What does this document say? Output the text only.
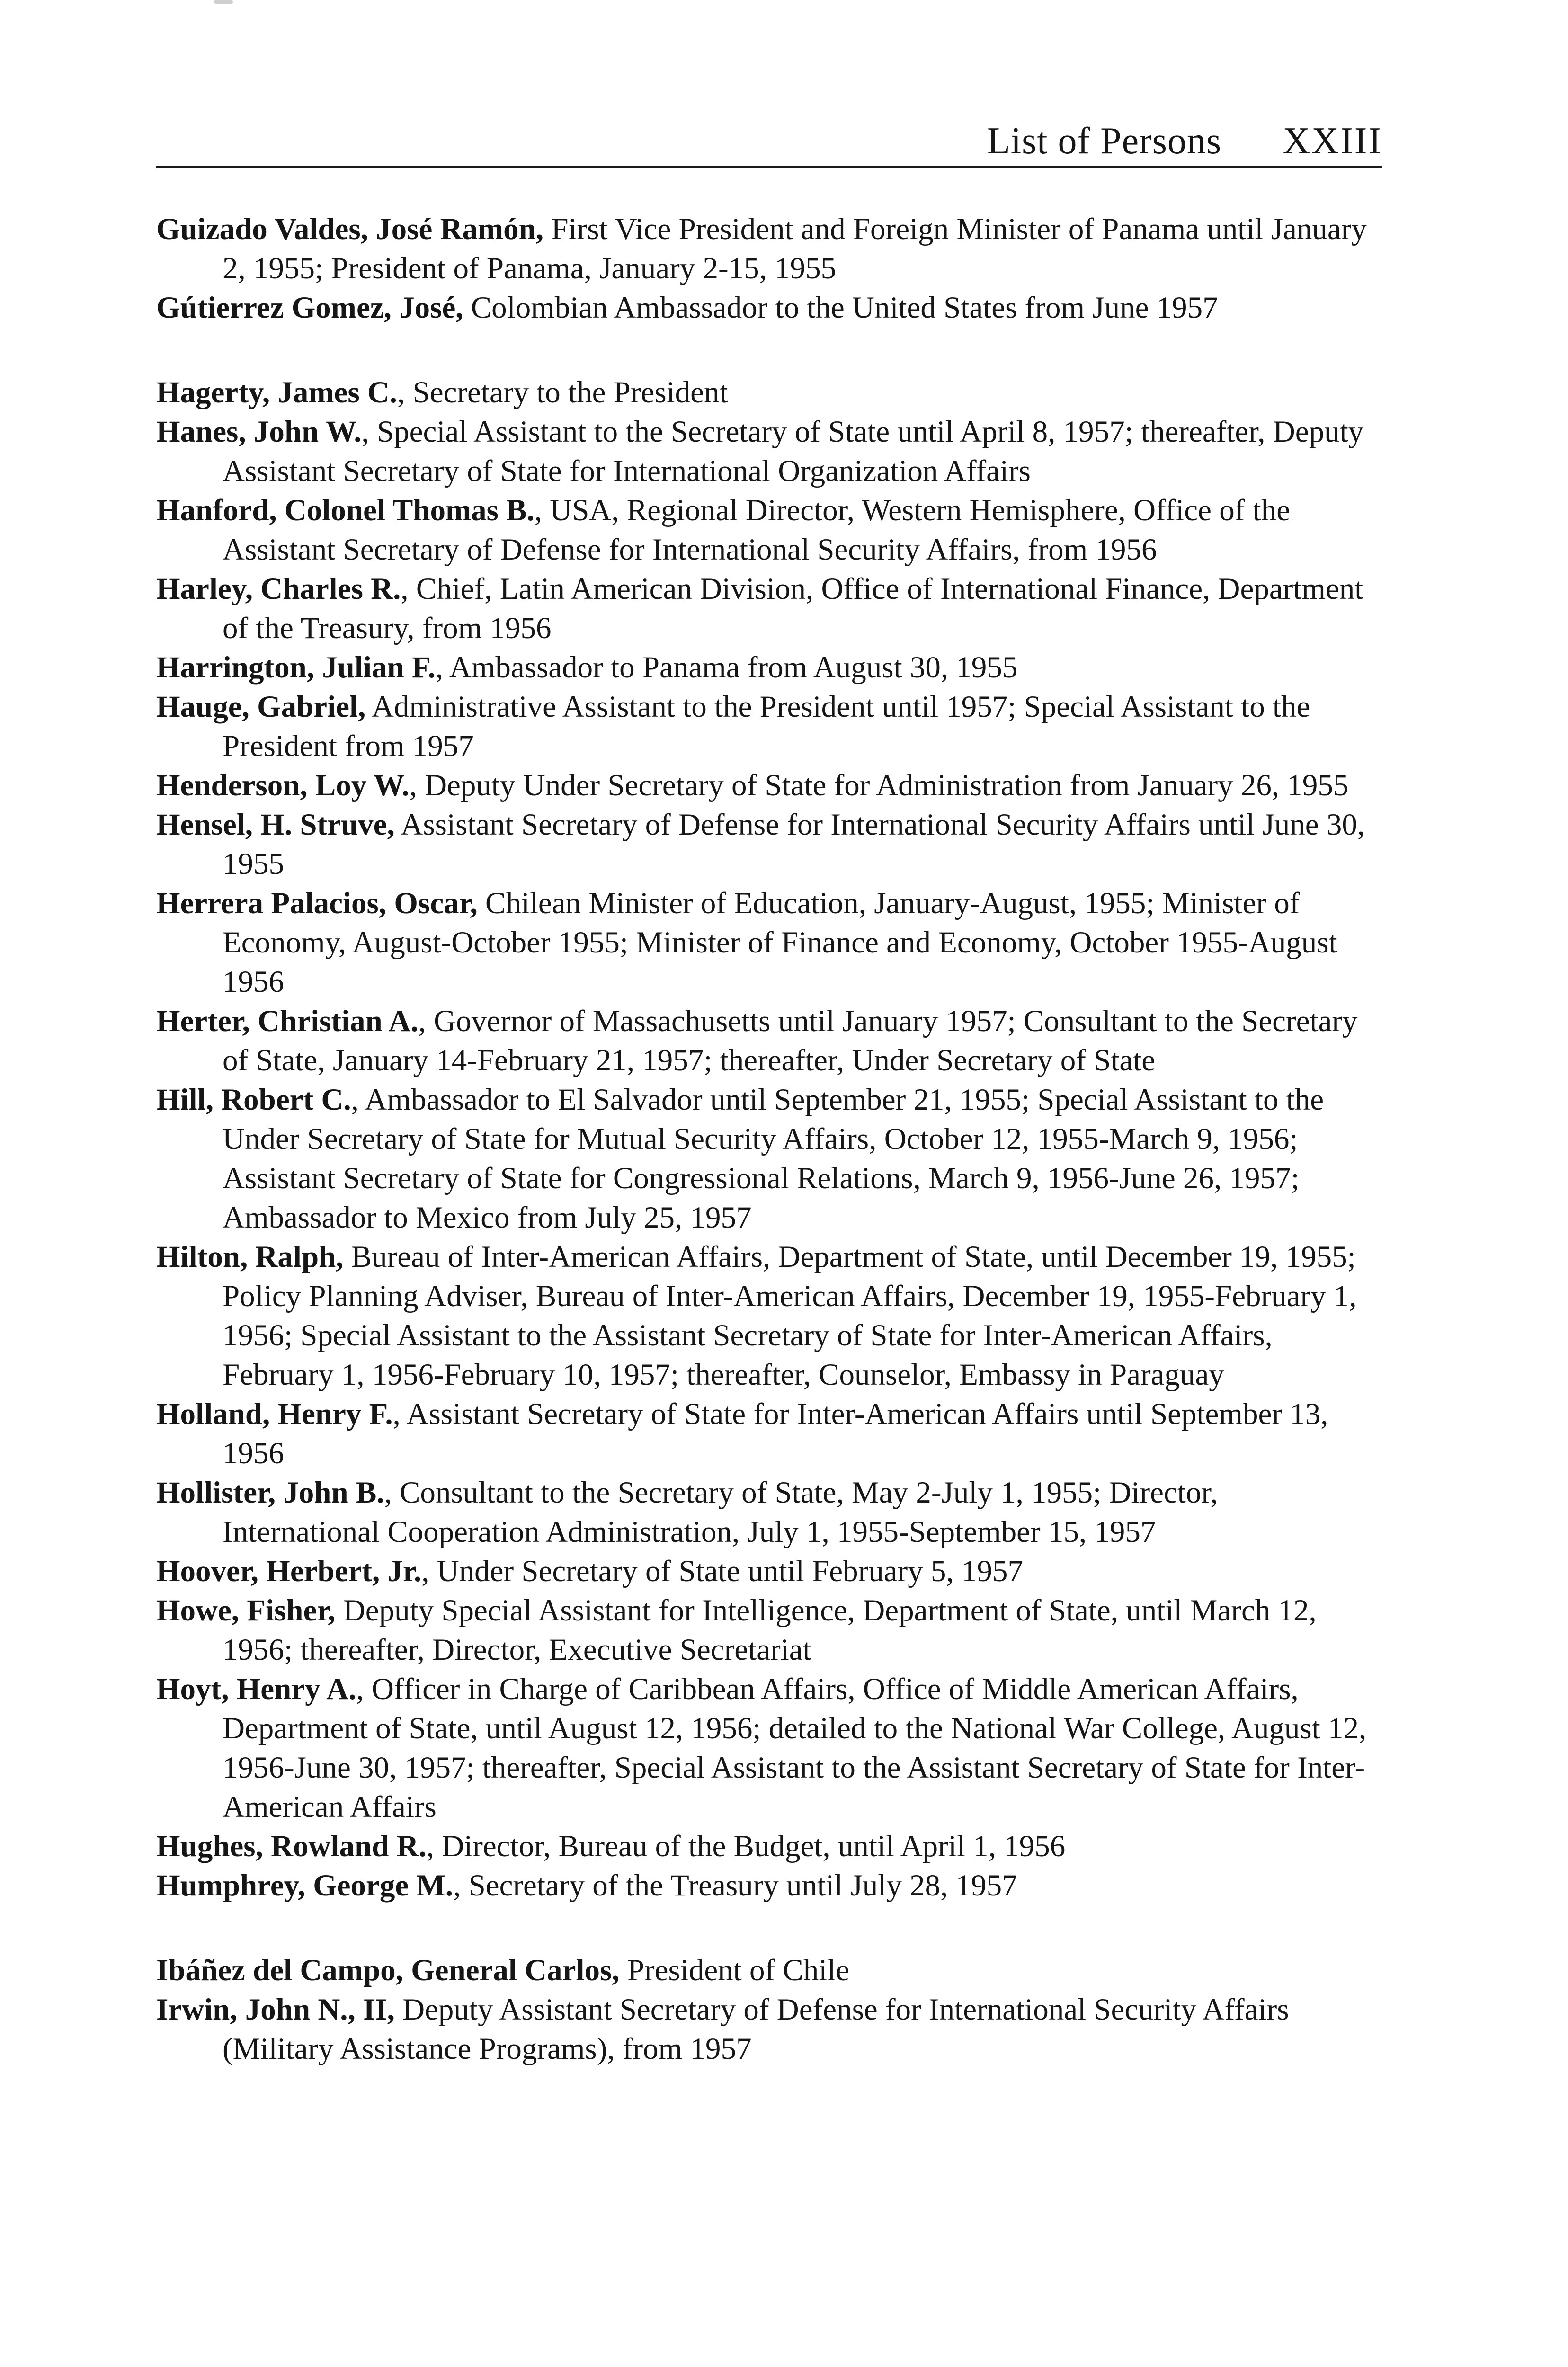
List of Persons XXIII

Guizado Valdes, José Ramón, First Vice President and Foreign Minister of Panama until January 2, 1955; President of Panama, January 2-15, 1955

Gútierrez Gomez, José, Colombian Ambassador to the United States from June 1957

Hagerty, James C., Secretary to the President

Hanes, John W., Special Assistant to the Secretary of State until April 8, 1957; thereafter, Deputy Assistant Secretary of State for International Organization Affairs

Hanford, Colonel Thomas B., USA, Regional Director, Western Hemisphere, Office of the Assistant Secretary of Defense for International Security Affairs, from 1956

Harley, Charles R., Chief, Latin American Division, Office of International Finance, Department of the Treasury, from 1956

Harrington, Julian F., Ambassador to Panama from August 30, 1955

Hauge, Gabriel, Administrative Assistant to the President until 1957; Special Assistant to the President from 1957

Henderson, Loy W., Deputy Under Secretary of State for Administration from January 26, 1955

Hensel, H. Struve, Assistant Secretary of Defense for International Security Affairs until June 30, 1955

Herrera Palacios, Oscar, Chilean Minister of Education, January-August, 1955; Minister of Economy, August-October 1955; Minister of Finance and Economy, October 1955-August 1956

Herter, Christian A., Governor of Massachusetts until January 1957; Consultant to the Secretary of State, January 14-February 21, 1957; thereafter, Under Secretary of State

Hill, Robert C., Ambassador to El Salvador until September 21, 1955; Special Assistant to the Under Secretary of State for Mutual Security Affairs, October 12, 1955-March 9, 1956; Assistant Secretary of State for Congressional Relations, March 9, 1956-June 26, 1957; Ambassador to Mexico from July 25, 1957

Hilton, Ralph, Bureau of Inter-American Affairs, Department of State, until December 19, 1955; Policy Planning Adviser, Bureau of Inter-American Affairs, December 19, 1955-February 1, 1956; Special Assistant to the Assistant Secretary of State for Inter-American Affairs, February 1, 1956-February 10, 1957; thereafter, Counselor, Embassy in Paraguay

Holland, Henry F., Assistant Secretary of State for Inter-American Affairs until September 13, 1956

Hollister, John B., Consultant to the Secretary of State, May 2-July 1, 1955; Director, International Cooperation Administration, July 1, 1955-September 15, 1957

Hoover, Herbert, Jr., Under Secretary of State until February 5, 1957

Howe, Fisher, Deputy Special Assistant for Intelligence, Department of State, until March 12, 1956; thereafter, Director, Executive Secretariat

Hoyt, Henry A., Officer in Charge of Caribbean Affairs, Office of Middle American Affairs, Department of State, until August 12, 1956; detailed to the National War College, August 12, 1956-June 30, 1957; thereafter, Special Assistant to the Assistant Secretary of State for Inter-American Affairs

Hughes, Rowland R., Director, Bureau of the Budget, until April 1, 1956

Humphrey, George M., Secretary of the Treasury until July 28, 1957

Ibáñez del Campo, General Carlos, President of Chile

Irwin, John N., II, Deputy Assistant Secretary of Defense for International Security Affairs (Military Assistance Programs), from 1957
